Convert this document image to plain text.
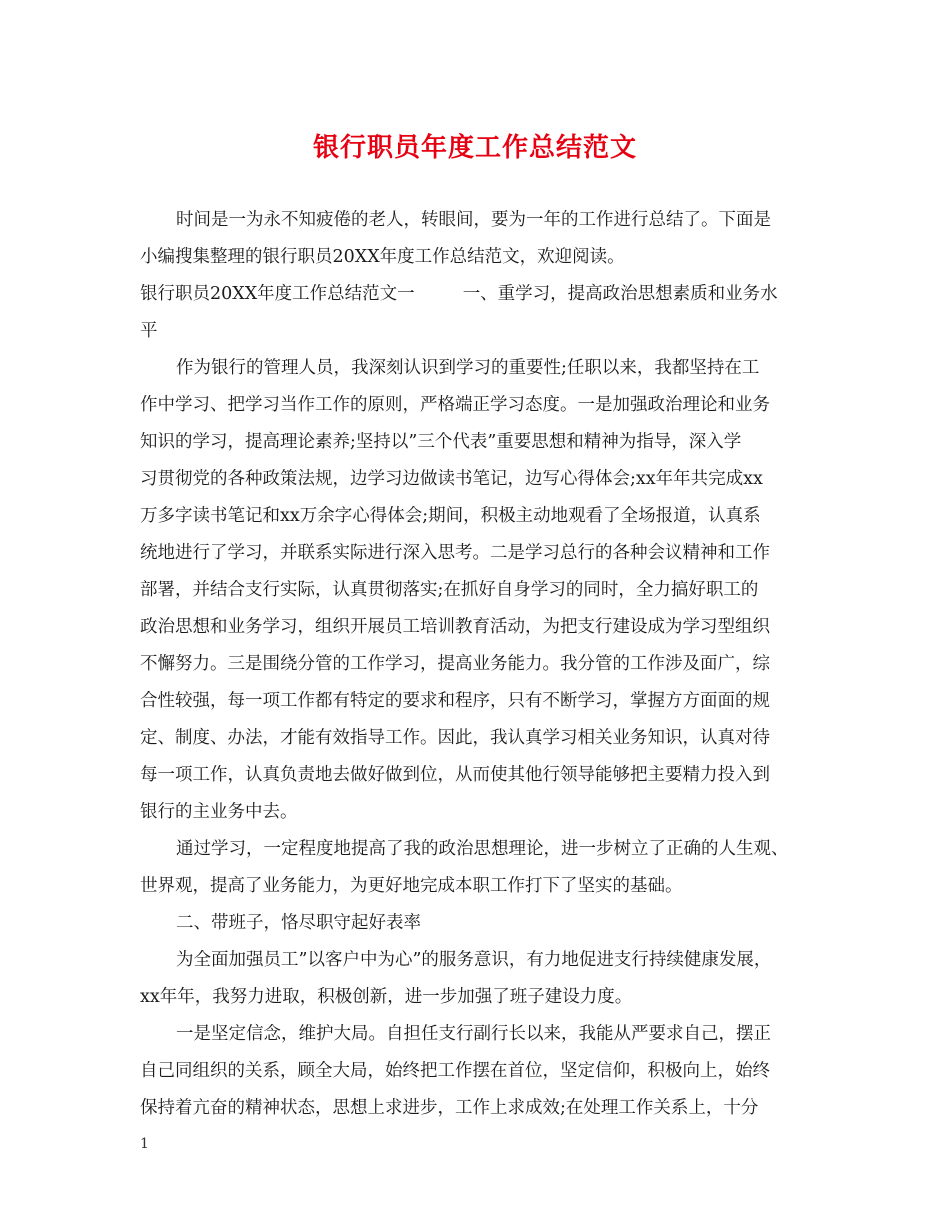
银行职员年度工作总结范文
时间是一为永不知疲倦的老人，转眼间，要为一年的工作进行总结了。下面是
小编搜集整理的银行职员20XX年度工作总结范文，欢迎阅读。
银行职员20XX年度工作总结范文一	一、重学习，提高政治思想素质和业务水
平
作为银行的管理人员，我深刻认识到学习的重要性;任职以来，我都坚持在工
作中学习、把学习当作工作的原则，严格端正学习态度。一是加强政治理论和业务
知识的学习，提高理论素养;坚持以”三个代表”重要思想和精神为指导，深入学
习贯彻党的各种政策法规，边学习边做读书笔记，边写心得体会;xx年年共完成xx
万多字读书笔记和xx万余字心得体会;期间，积极主动地观看了全场报道，认真系
统地进行了学习，并联系实际进行深入思考。二是学习总行的各种会议精神和工作
部署，并结合支行实际，认真贯彻落实;在抓好自身学习的同时，全力搞好职工的
政治思想和业务学习，组织开展员工培训教育活动，为把支行建设成为学习型组织
不懈努力。三是围绕分管的工作学习，提高业务能力。我分管的工作涉及面广，综
合性较强，每一项工作都有特定的要求和程序，只有不断学习，掌握方方面面的规
定、制度、办法，才能有效指导工作。因此，我认真学习相关业务知识，认真对待
每一项工作，认真负责地去做好做到位，从而使其他行领导能够把主要精力投入到
银行的主业务中去。
通过学习，一定程度地提高了我的政治思想理论，进一步树立了正确的人生观、
世界观，提高了业务能力，为更好地完成本职工作打下了坚实的基础。
二、带班子，恪尽职守起好表率
为全面加强员工”以客户中为心”的服务意识，有力地促进支行持续健康发展，
xx年年，我努力进取，积极创新，进一步加强了班子建设力度。
一是坚定信念，维护大局。自担任支行副行长以来，我能从严要求自己，摆正
自己同组织的关系，顾全大局，始终把工作摆在首位，坚定信仰，积极向上，始终
保持着亢奋的精神状态，思想上求进步，工作上求成效;在处理工作关系上，十分
1
